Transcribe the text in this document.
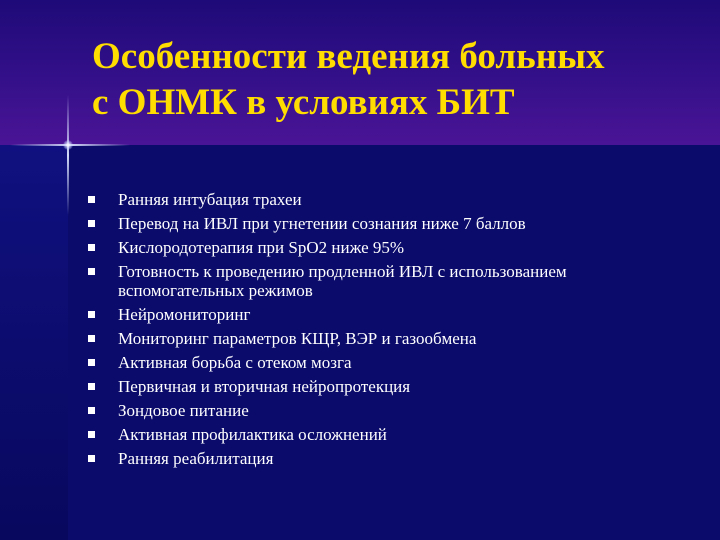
Особенности ведения больных
с ОНМК в условиях БИТ
Ранняя интубация трахеи
Перевод на ИВЛ при угнетении сознания ниже 7 баллов
Кислородотерапия при SpO2 ниже 95%
Готовность к проведению продленной ИВЛ с использованием вспомогательных режимов
Нейромониторинг
Мониторинг параметров КЩР, ВЭР и газообмена
Активная борьба с отеком мозга
Первичная и вторичная нейропротекция
Зондовое питание
Активная профилактика осложнений
Ранняя реабилитация
